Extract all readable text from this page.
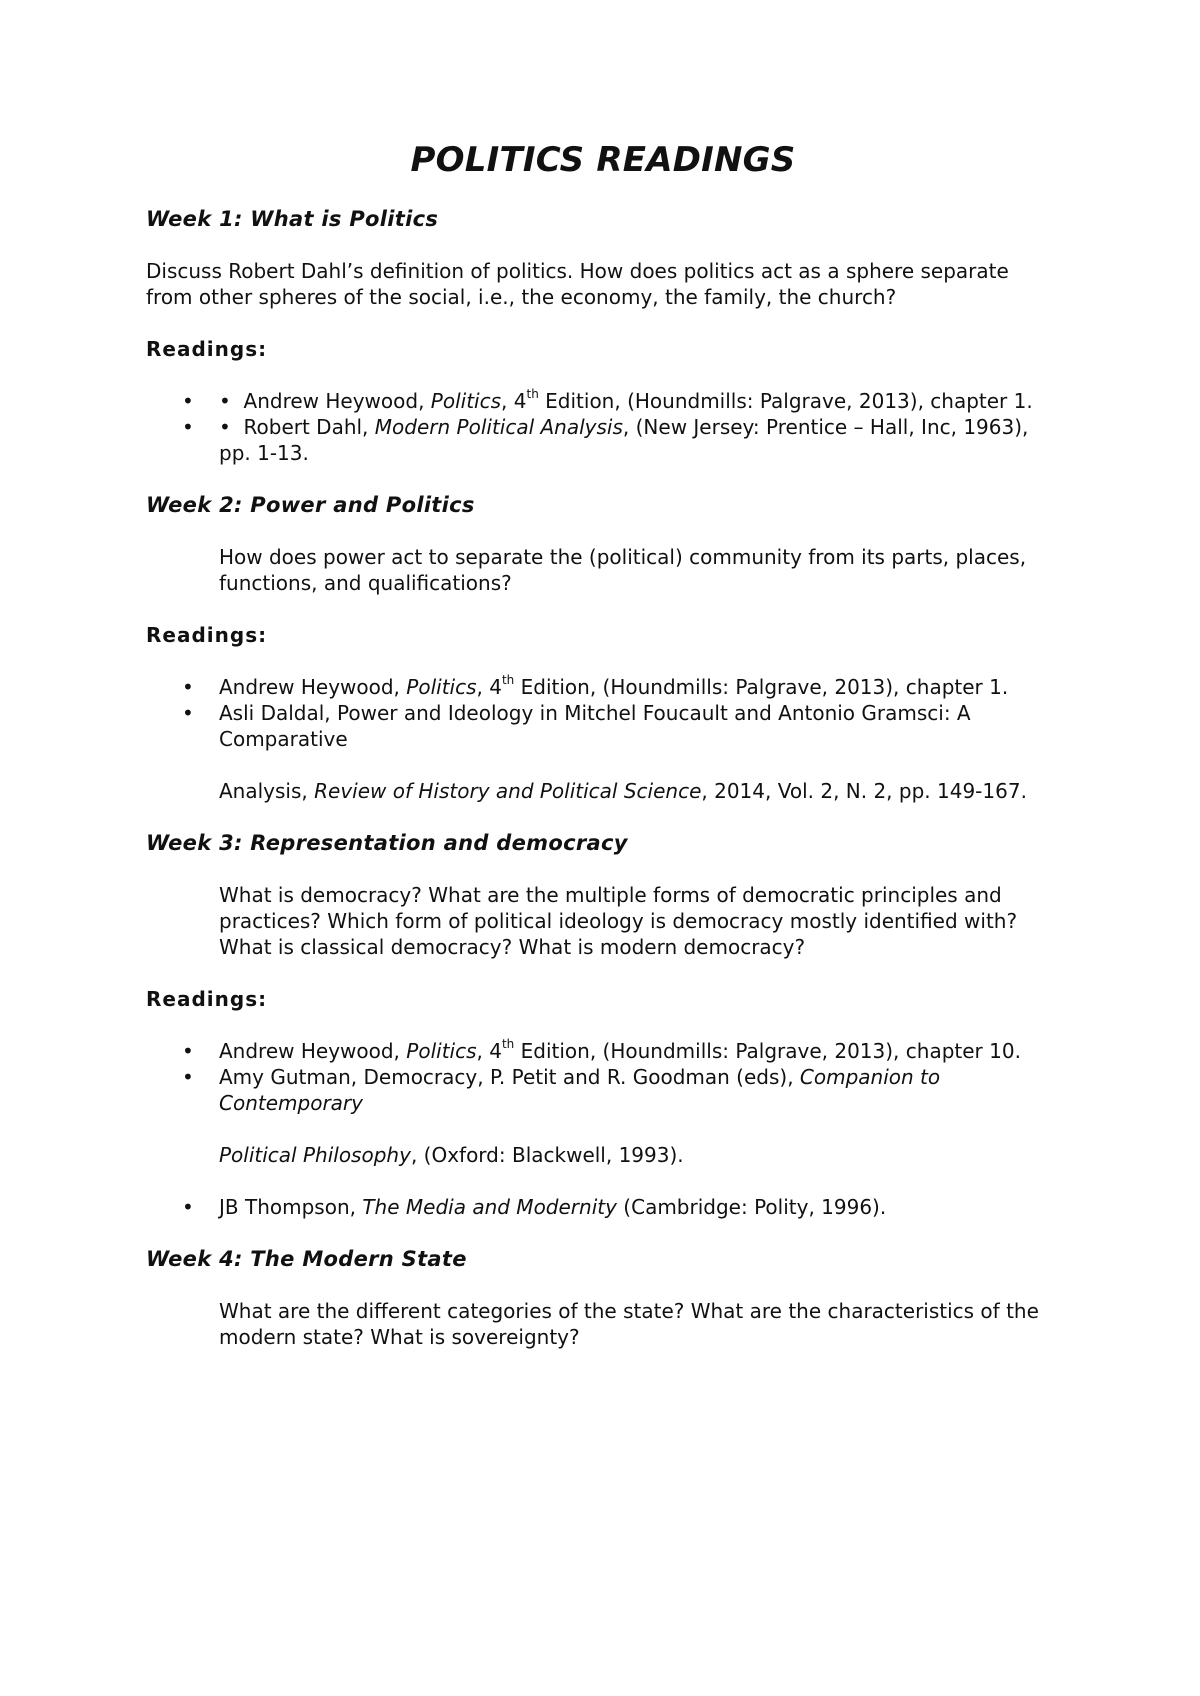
POLITICS READINGS
Week 1: What is Politics

Discuss Robert Dahl’s definition of politics. How does politics act as a sphere separate from other spheres of the social, i.e., the economy, the family, the church?

Readings:
• • Andrew Heywood, Politics, 4th Edition, (Houndmills: Palgrave, 2013), chapter 1.
• • Robert Dahl, Modern Political Analysis, (New Jersey: Prentice – Hall, Inc, 1963), pp. 1-13.
Week 2: Power and Politics

How does power act to separate the (political) community from its parts, places, functions, and qualifications?

Readings:
• Andrew Heywood, Politics, 4th Edition, (Houndmills: Palgrave, 2013), chapter 1.
• Asli Daldal, Power and Ideology in Mitchel Foucault and Antonio Gramsci: A Comparative

Analysis, Review of History and Political Science, 2014, Vol. 2, N. 2, pp. 149-167.

Week 3: Representation and democracy

What is democracy? What are the multiple forms of democratic principles and practices? Which form of political ideology is democracy mostly identified with? What is classical democracy? What is modern democracy?

Readings:
• Andrew Heywood, Politics, 4th Edition, (Houndmills: Palgrave, 2013), chapter 10.
• Amy Gutman, Democracy, P. Petit and R. Goodman (eds), Companion to Contemporary

Political Philosophy, (Oxford: Blackwell, 1993).

• JB Thompson, The Media and Modernity (Cambridge: Polity, 1996).
Week 4: The Modern State

What are the different categories of the state? What are the characteristics of the modern state? What is sovereignty?
